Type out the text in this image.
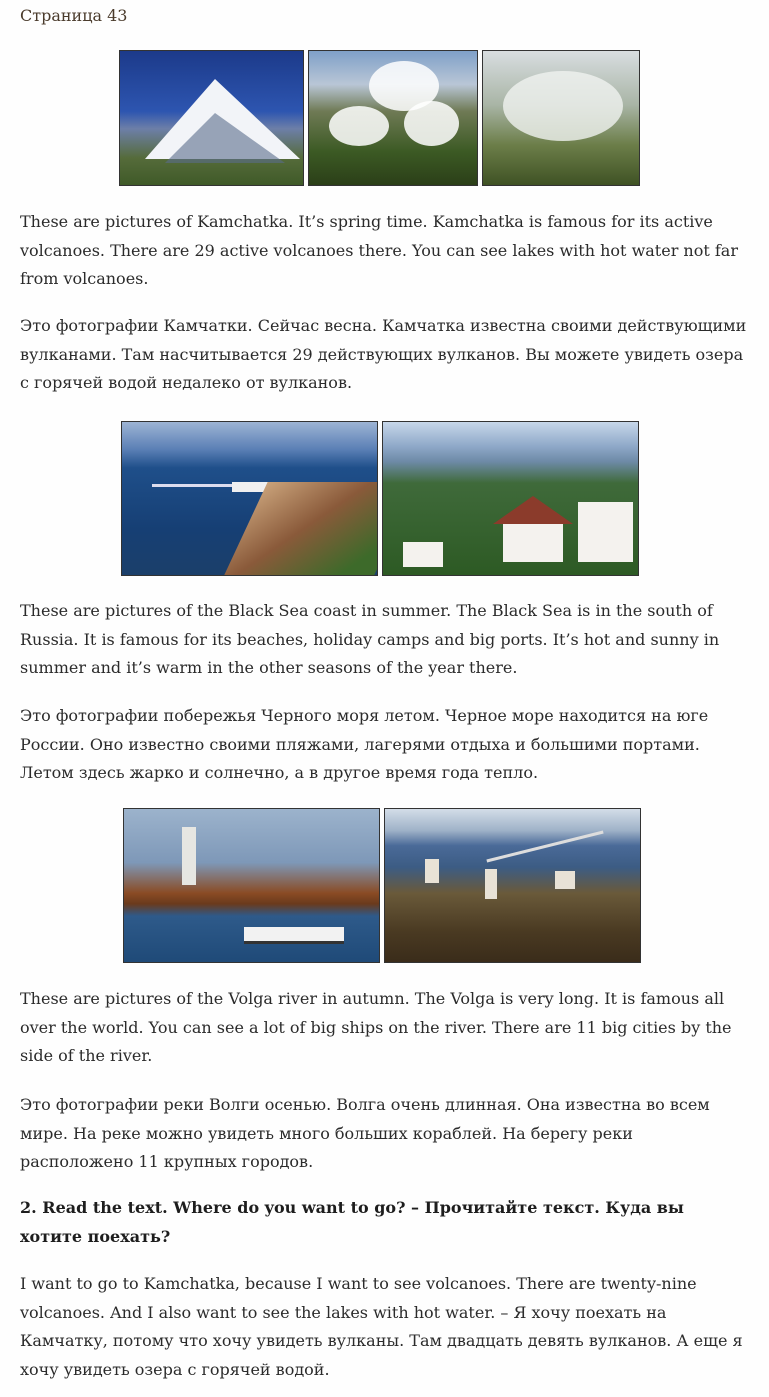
Страница 43

These are pictures of Kamchatka. It’s spring time. Kamchatka is famous for its active volcanoes. There are 29 active volcanoes there. You can see lakes with hot water not far from volcanoes.

Это фотографии Камчатки. Сейчас весна. Камчатка известна своими действующими вулканами. Там насчитывается 29 действующих вулканов. Вы можете увидеть озера с горячей водой недалеко от вулканов.

These are pictures of the Black Sea coast in summer. The Black Sea is in the south of Russia. It is famous for its beaches, holiday camps and big ports. It’s hot and sunny in summer and it’s warm in the other seasons of the year there.

Это фотографии побережья Черного моря летом. Черное море находится на юге России. Оно известно своими пляжами, лагерями отдыха и большими портами. Летом здесь жарко и солнечно, а в другое время года тепло.

These are pictures of the Volga river in autumn. The Volga is very long. It is famous all over the world. You can see a lot of big ships on the river. There are 11 big cities by the side of the river.

Это фотографии реки Волги осенью. Волга очень длинная. Она известна во всем мире. На реке можно увидеть много больших кораблей. На берегу реки расположено 11 крупных городов.

2. Read the text. Where do you want to go? – Прочитайте текст. Куда вы хотите поехать?

I want to go to Kamchatka, because I want to see volcanoes. There are twenty-nine volcanoes. And I also want to see the lakes with hot water. – Я хочу поехать на Камчатку, потому что хочу увидеть вулканы. Там двадцать девять вулканов. А еще я хочу увидеть озера с горячей водой.
